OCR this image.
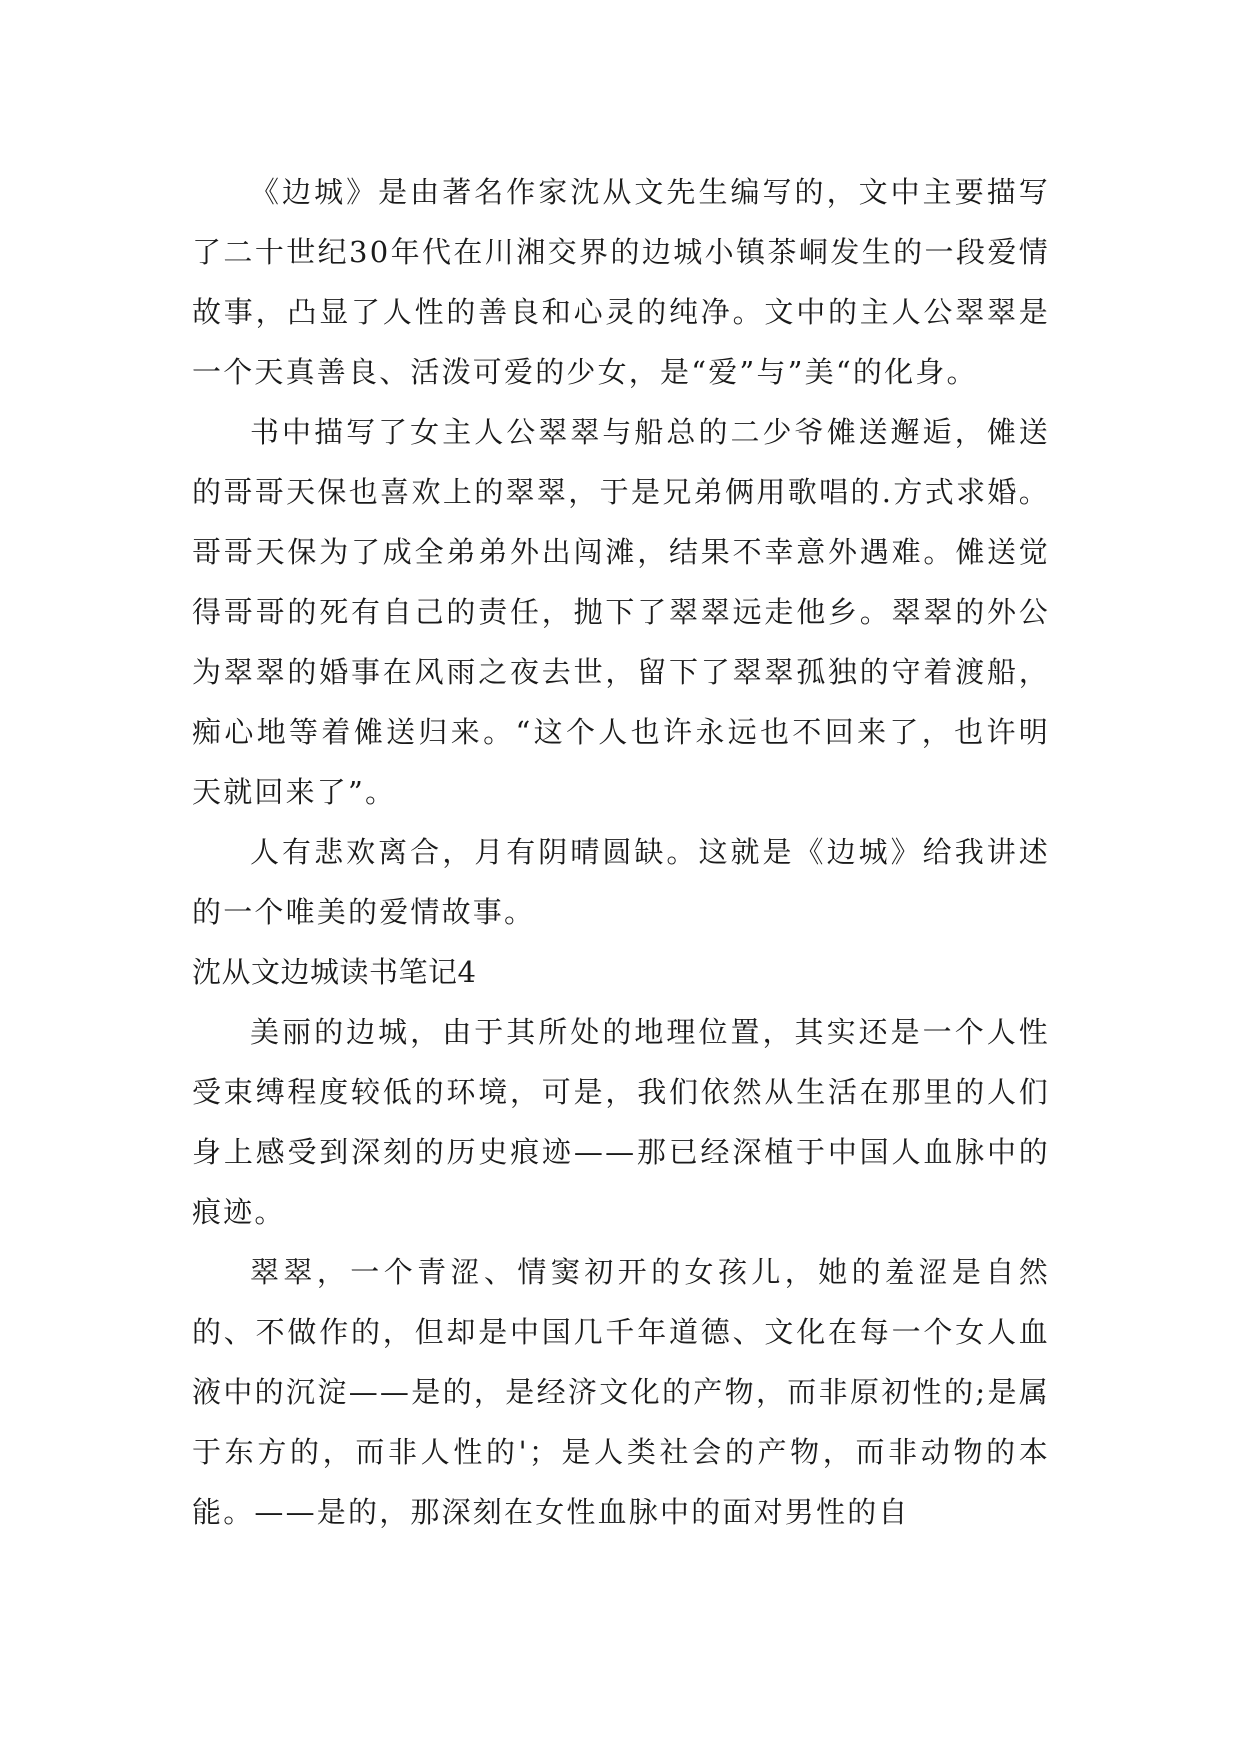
《边城》是由著名作家沈从文先生编写的，文中主要描写了二十世纪30年代在川湘交界的边城小镇茶峒发生的一段爱情故事，凸显了人性的善良和心灵的纯净。文中的主人公翠翠是一个天真善良、活泼可爱的少女，是“爱”与”美“的化身。

书中描写了女主人公翠翠与船总的二少爷傩送邂逅，傩送的哥哥天保也喜欢上的翠翠，于是兄弟俩用歌唱的.方式求婚。哥哥天保为了成全弟弟外出闯滩，结果不幸意外遇难。傩送觉得哥哥的死有自己的责任，抛下了翠翠远走他乡。翠翠的外公为翠翠的婚事在风雨之夜去世，留下了翠翠孤独的守着渡船，痴心地等着傩送归来。“这个人也许永远也不回来了，也许明天就回来了”。

人有悲欢离合，月有阴晴圆缺。这就是《边城》给我讲述的一个唯美的爱情故事。

沈从文边城读书笔记4

美丽的边城，由于其所处的地理位置，其实还是一个人性受束缚程度较低的环境，可是，我们依然从生活在那里的人们身上感受到深刻的历史痕迹——那已经深植于中国人血脉中的痕迹。

翠翠，一个青涩、情窦初开的女孩儿，她的羞涩是自然的、不做作的，但却是中国几千年道德、文化在每一个女人血液中的沉淀——是的，是经济文化的产物，而非原初性的;是属于东方的，而非人性的'；是人类社会的产物，而非动物的本能。——是的，那深刻在女性血脉中的面对男性的自
